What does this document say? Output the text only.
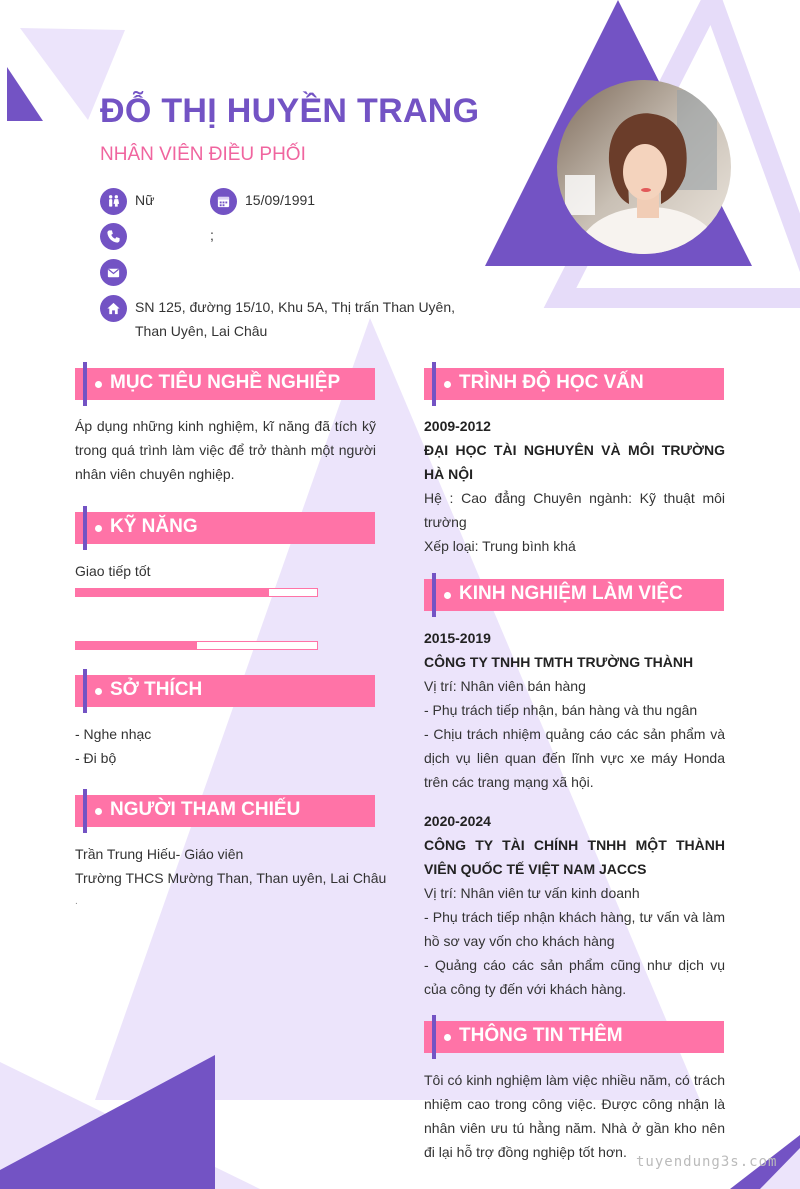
ĐỖ THỊ HUYỀN TRANG
NHÂN VIÊN ĐIỀU PHỐI
Nữ	15/09/1991
;
SN 125, đường 15/10, Khu 5A, Thị trấn Than Uyên,
Than Uyên, Lai Châu
MỤC TIÊU NGHỀ NGHIỆP
Áp dụng những kinh nghiệm, kĩ năng đã tích kỹ trong quá trình làm việc để trở thành một người nhân viên chuyên nghiệp.
KỸ NĂNG
Giao tiếp tốt
SỞ THÍCH
- Nghe nhạc
- Đi bộ
NGƯỜI THAM CHIẾU
Trần Trung Hiếu- Giáo viên
Trường THCS Mường Than, Than uyên, Lai Châu
.
TRÌNH ĐỘ HỌC VẤN
2009-2012
ĐẠI HỌC TÀI NGHUYÊN VÀ MÔI TRƯỜNG HÀ NỘI
Hệ : Cao đẳng Chuyên ngành: Kỹ thuật môi trường
Xếp loại: Trung bình khá
KINH NGHIỆM LÀM VIỆC
2015-2019
CÔNG TY TNHH TMTH TRƯỜNG THÀNH
Vị trí: Nhân viên bán hàng
- Phụ trách tiếp nhận, bán hàng và thu ngân
- Chịu trách nhiệm quảng cáo các sản phẩm và dịch vụ liên quan đến lĩnh vực xe máy Honda trên các trang mạng xã hội.
2020-2024
CÔNG TY TÀI CHÍNH TNHH MỘT THÀNH VIÊN QUỐC TẾ VIỆT NAM JACCS
Vị trí: Nhân viên tư vấn kinh doanh
- Phụ trách tiếp nhận khách hàng, tư vấn và làm hồ sơ vay vốn cho khách hàng
- Quảng cáo các sản phẩm cũng như dịch vụ của công ty đến với khách hàng.
THÔNG TIN THÊM
Tôi có kinh nghiệm làm việc nhiều năm, có trách nhiệm cao trong công việc. Được công nhận là nhân viên ưu tú hằng năm. Nhà ở gần kho nên đi lại hỗ trợ đồng nghiệp tốt hơn.
tuyendung3s.com
